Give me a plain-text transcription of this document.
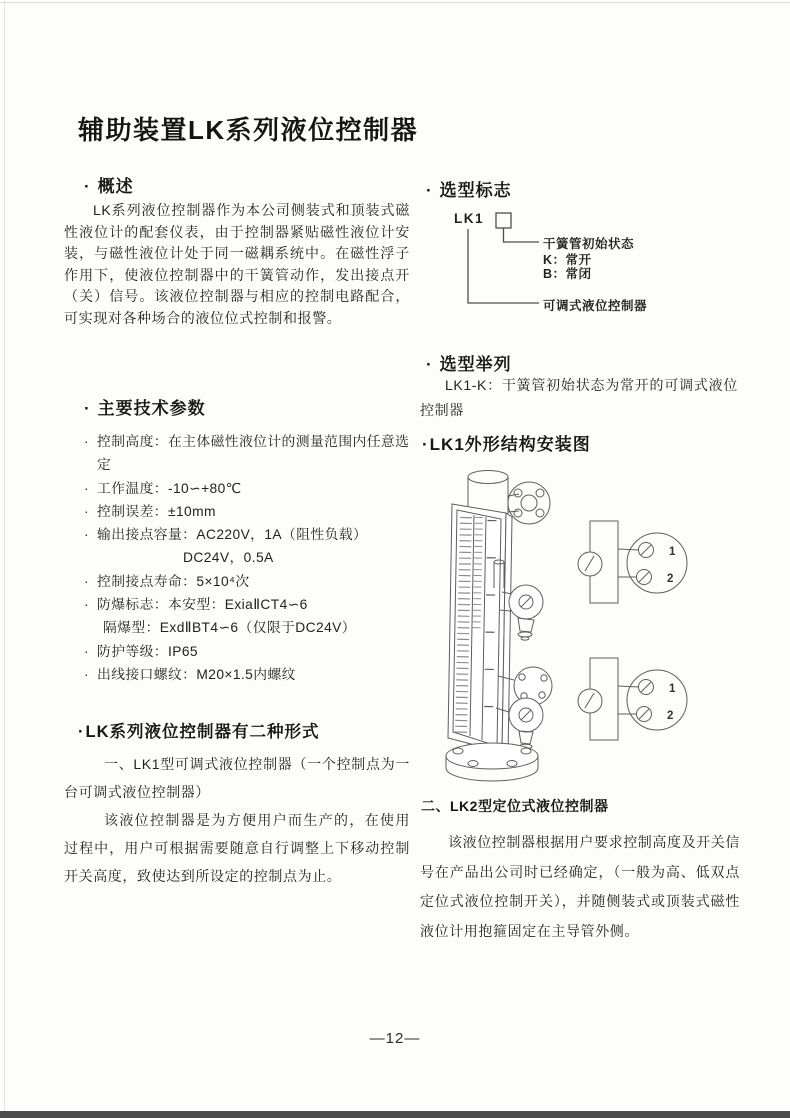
辅助装置LK系列液位控制器
· 概述
LK系列液位控制器作为本公司侧装式和顶装式磁性液位计的配套仪表，由于控制器紧贴磁性液位计安装，与磁性液位计处于同一磁耦系统中。在磁性浮子作用下，使液位控制器中的干簧管动作，发出接点开（关）信号。该液位控制器与相应的控制电路配合，可实现对各种场合的液位位式控制和报警。
· 主要技术参数
· 控制高度：在主体磁性液位计的测量范围内任意选定
· 工作温度：-10∽+80℃
· 控制误差：±10mm
· 输出接点容量：AC220V，1A（阻性负载）
DC24V，0.5A
· 控制接点寿命：5×10⁴次
· 防爆标志：本安型：ExiaⅡCT4∽6
隔爆型：ExdⅡBT4∽6（仅限于DC24V）
· 防护等级：IP65
· 出线接口螺纹：M20×1.5内螺纹
·LK系列液位控制器有二种形式
一、LK1型可调式液位控制器（一个控制点为一台可调式液位控制器）
该液位控制器是为方便用户而生产的，在使用过程中，用户可根据需要随意自行调整上下移动控制开关高度，致使达到所设定的控制点为止。
· 选型标志
LK1
干簧管初始状态
K：常开
B：常闭
可调式液位控制器
· 选型举列
LK1-K：干簧管初始状态为常开的可调式液位控制器
·LK1外形结构安装图
1
2
1
2
二、LK2型定位式液位控制器
该液位控制器根据用户要求控制高度及开关信号在产品出公司时已经确定，（一般为高、低双点定位式液位控制开关），并随侧装式或顶装式磁性液位计用抱箍固定在主导管外侧。
—12—
